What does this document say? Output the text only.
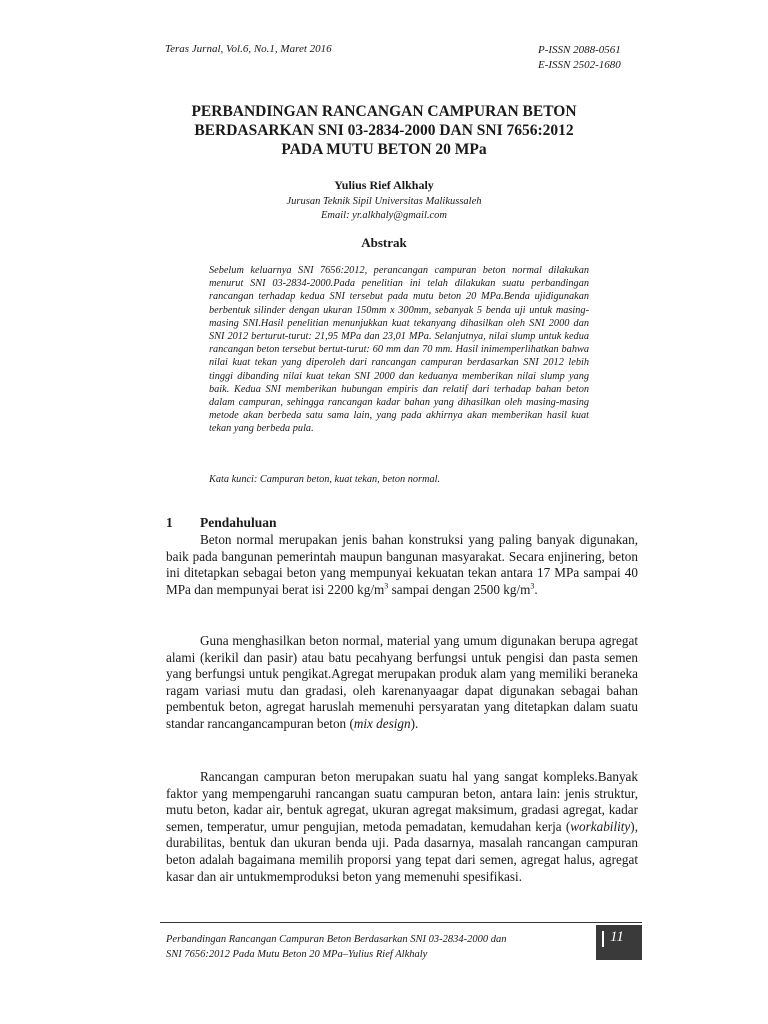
Teras Jurnal, Vol.6, No.1, Maret 2016	P-ISSN 2088-0561
E-ISSN 2502-1680
PERBANDINGAN RANCANGAN CAMPURAN BETON
BERDASARKAN SNI 03-2834-2000 DAN SNI 7656:2012
PADA MUTU BETON 20 MPa
Yulius Rief Alkhaly
Jurusan Teknik Sipil Universitas Malikussaleh
Email: yr.alkhaly@gmail.com
Abstrak
Sebelum keluarnya SNI 7656:2012, perancangan campuran beton normal dilakukan menurut SNI 03-2834-2000.Pada penelitian ini telah dilakukan suatu perbandingan rancangan terhadap kedua SNI tersebut pada mutu beton 20 MPa.Benda ujidigunakan berbentuk silinder dengan ukuran 150mm x 300mm, sebanyak 5 benda uji untuk masing-masing SNI.Hasil penelitian menunjukkan kuat tekanyang dihasilkan oleh SNI 2000 dan SNI 2012 berturut-turut: 21,95 MPa dan 23,01 MPa. Selanjutnya, nilai slump untuk kedua rancangan beton tersebut bertut-turut: 60 mm dan 70 mm. Hasil inimemperlihatkan bahwa nilai kuat tekan yang diperoleh dari rancangan campuran berdasarkan SNI 2012 lebih tinggi dibanding nilai kuat tekan SNI 2000 dan keduanya memberikan nilai slump yang baik. Kedua SNI memberikan hubungan empiris dan relatif dari terhadap bahan beton dalam campuran, sehingga rancangan kadar bahan yang dihasilkan oleh masing-masing metode akan berbeda satu sama lain, yang pada akhirnya akan memberikan hasil kuat tekan yang berbeda pula.
Kata kunci: Campuran beton, kuat tekan, beton normal.
1 Pendahuluan
Beton normal merupakan jenis bahan konstruksi yang paling banyak digunakan, baik pada bangunan pemerintah maupun bangunan masyarakat. Secara enjinering, beton ini ditetapkan sebagai beton yang mempunyai kekuatan tekan antara 17 MPa sampai 40 MPa dan mempunyai berat isi 2200 $kg/m^3$ sampai dengan 2500 $kg/m^3$.
Guna menghasilkan beton normal, material yang umum digunakan berupa agregat alami (kerikil dan pasir) atau batu pecahyang berfungsi untuk pengisi dan pasta semen yang berfungsi untuk pengikat.Agregat merupakan produk alam yang memiliki beraneka ragam variasi mutu dan gradasi, oleh karenanyaagar dapat digunakan sebagai bahan pembentuk beton, agregat haruslah memenuhi persyaratan yang ditetapkan dalam suatu standar rancangancampuran beton (mix design).
Rancangan campuran beton merupakan suatu hal yang sangat kompleks.Banyak faktor yang mempengaruhi rancangan suatu campuran beton, antara lain: jenis struktur, mutu beton, kadar air, bentuk agregat, ukuran agregat maksimum, gradasi agregat, kadar semen, temperatur, umur pengujian, metoda pemadatan, kemudahan kerja (workability), durabilitas, bentuk dan ukuran benda uji. Pada dasarnya, masalah rancangan campuran beton adalah bagaimana memilih proporsi yang tepat dari semen, agregat halus, agregat kasar dan air untukmemproduksi beton yang memenuhi spesifikasi.
Perbandingan Rancangan Campuran Beton Berdasarkan SNI 03-2834-2000 dan
SNI 7656:2012 Pada Mutu Beton 20 MPa–Yulius Rief Alkhaly
11
